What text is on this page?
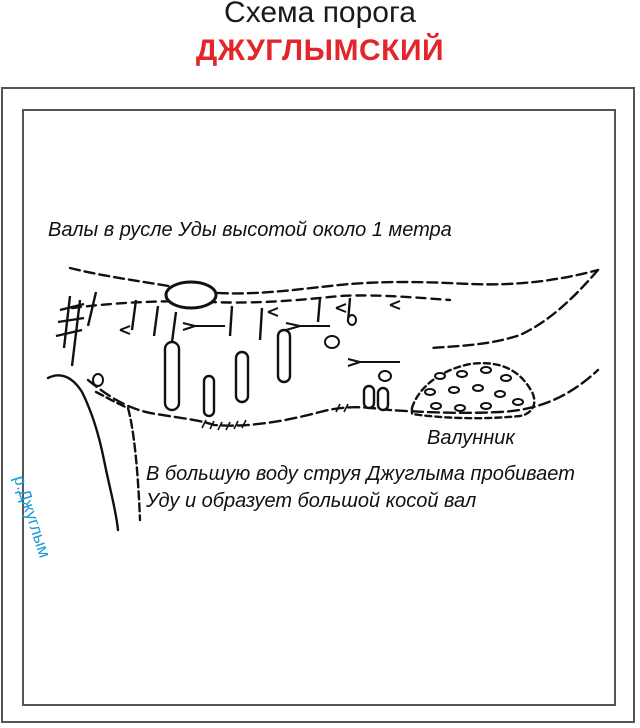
Схема порога
ДЖУГЛЫМСКИЙ
Валы в русле Уды высотой около 1 метра
Валунник
В большую воду струя Джуглыма пробивает Уду и образует большой косой вал
р.Джуглым
